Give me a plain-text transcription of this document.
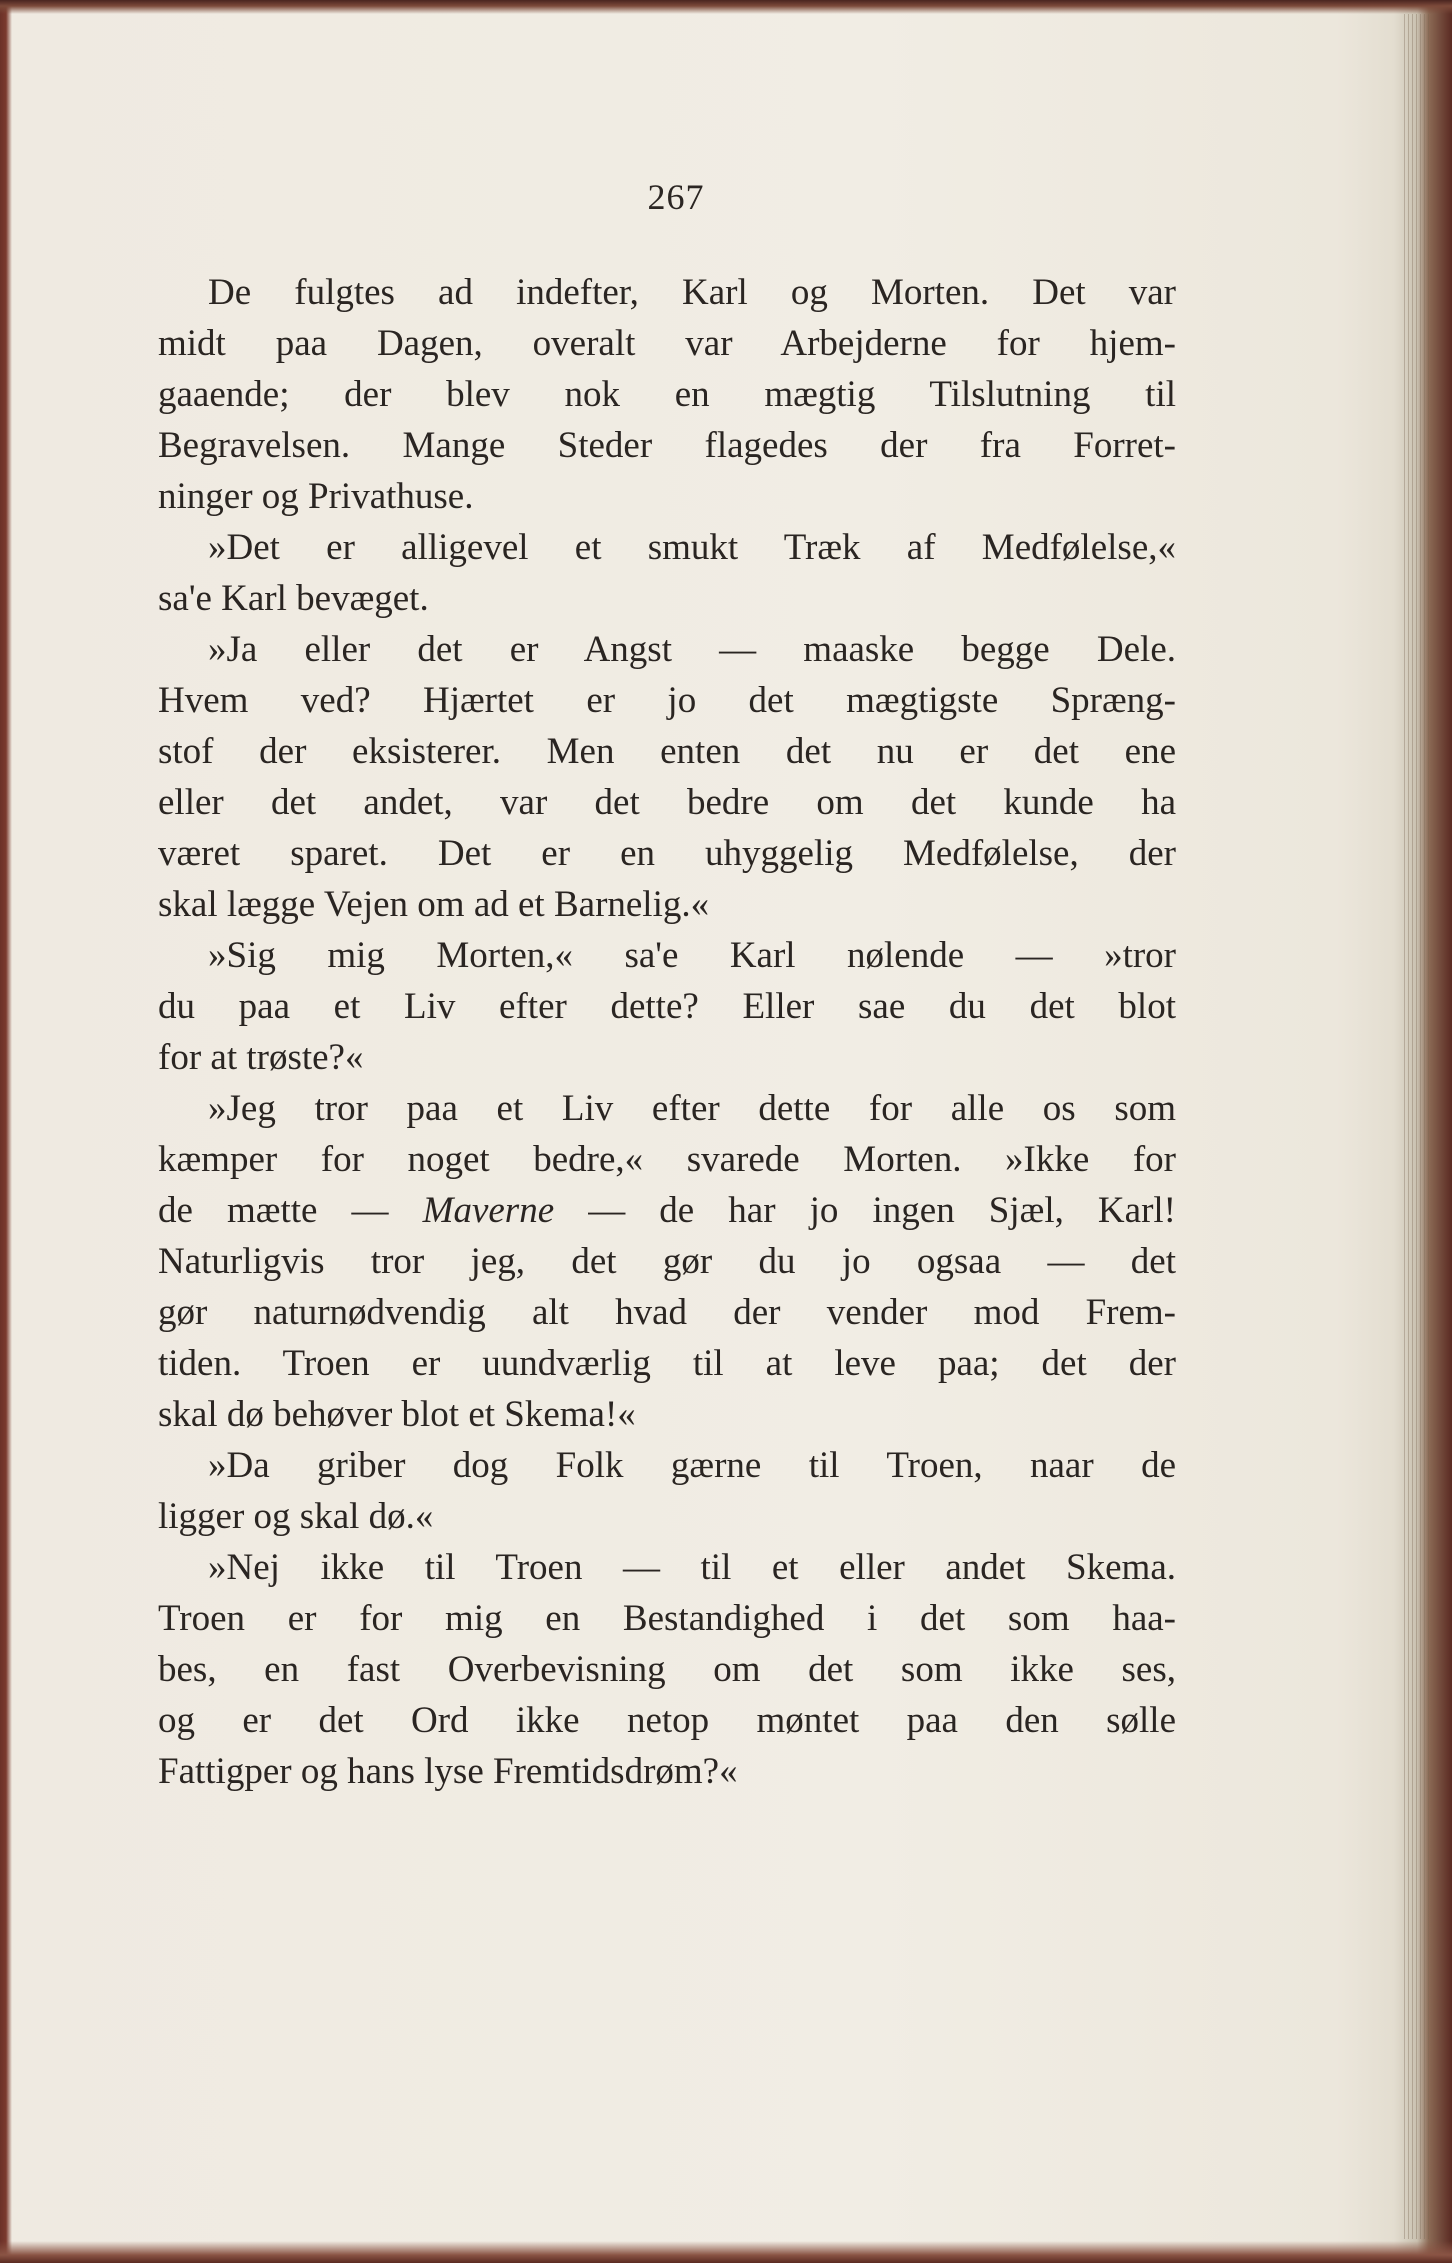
267
De fulgtes ad indefter, Karl og Morten. Det var
midt paa Dagen, overalt var Arbejderne for hjem-
gaaende; der blev nok en mægtig Tilslutning til
Begravelsen. Mange Steder flagedes der fra Forret-
ninger og Privathuse.
»Det er alligevel et smukt Træk af Medfølelse,«
sa'e Karl bevæget.
»Ja eller det er Angst — maaske begge Dele.
Hvem ved? Hjærtet er jo det mægtigste Spræng-
stof der eksisterer. Men enten det nu er det ene
eller det andet, var det bedre om det kunde ha
været sparet. Det er en uhyggelig Medfølelse, der
skal lægge Vejen om ad et Barnelig.«
»Sig mig Morten,« sa'e Karl nølende — »tror
du paa et Liv efter dette? Eller sae du det blot
for at trøste?«
»Jeg tror paa et Liv efter dette for alle os som
kæmper for noget bedre,« svarede Morten. »Ikke for
de mætte — Maverne — de har jo ingen Sjæl, Karl!
Naturligvis tror jeg, det gør du jo ogsaa — det
gør naturnødvendig alt hvad der vender mod Frem-
tiden. Troen er uundværlig til at leve paa; det der
skal dø behøver blot et Skema!«
»Da griber dog Folk gærne til Troen, naar de
ligger og skal dø.«
»Nej ikke til Troen — til et eller andet Skema.
Troen er for mig en Bestandighed i det som haa-
bes, en fast Overbevisning om det som ikke ses,
og er det Ord ikke netop møntet paa den sølle
Fattigper og hans lyse Fremtidsdrøm?«
